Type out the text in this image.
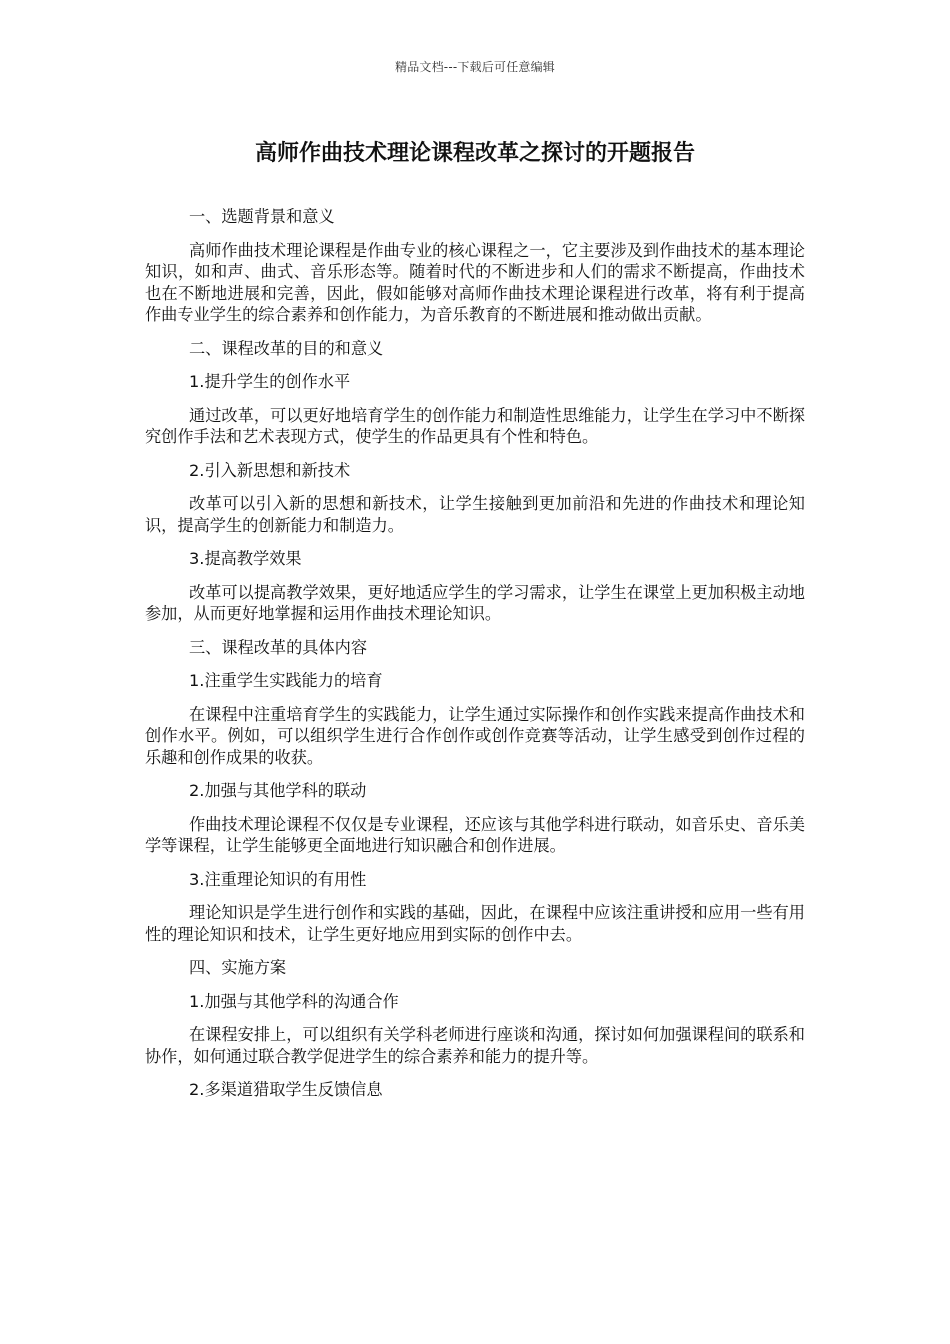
精品文档---下载后可任意编辑
高师作曲技术理论课程改革之探讨的开题报告

一、选题背景和意义

高师作曲技术理论课程是作曲专业的核心课程之一，它主要涉及到作曲技术的基本理论知识，如和声、曲式、音乐形态等。随着时代的不断进步和人们的需求不断提高，作曲技术也在不断地进展和完善，因此，假如能够对高师作曲技术理论课程进行改革，将有利于提高作曲专业学生的综合素养和创作能力，为音乐教育的不断进展和推动做出贡献。

二、课程改革的目的和意义

1.提升学生的创作水平

通过改革，可以更好地培育学生的创作能力和制造性思维能力，让学生在学习中不断探究创作手法和艺术表现方式，使学生的作品更具有个性和特色。

2.引入新思想和新技术

改革可以引入新的思想和新技术，让学生接触到更加前沿和先进的作曲技术和理论知识，提高学生的创新能力和制造力。

3.提高教学效果

改革可以提高教学效果，更好地适应学生的学习需求，让学生在课堂上更加积极主动地参加，从而更好地掌握和运用作曲技术理论知识。

三、课程改革的具体内容

1.注重学生实践能力的培育

在课程中注重培育学生的实践能力，让学生通过实际操作和创作实践来提高作曲技术和创作水平。例如，可以组织学生进行合作创作或创作竞赛等活动，让学生感受到创作过程的乐趣和创作成果的收获。

2.加强与其他学科的联动

作曲技术理论课程不仅仅是专业课程，还应该与其他学科进行联动，如音乐史、音乐美学等课程，让学生能够更全面地进行知识融合和创作进展。

3.注重理论知识的有用性

理论知识是学生进行创作和实践的基础，因此，在课程中应该注重讲授和应用一些有用性的理论知识和技术，让学生更好地应用到实际的创作中去。

四、实施方案

1.加强与其他学科的沟通合作

在课程安排上，可以组织有关学科老师进行座谈和沟通，探讨如何加强课程间的联系和协作，如何通过联合教学促进学生的综合素养和能力的提升等。

2.多渠道猎取学生反馈信息
